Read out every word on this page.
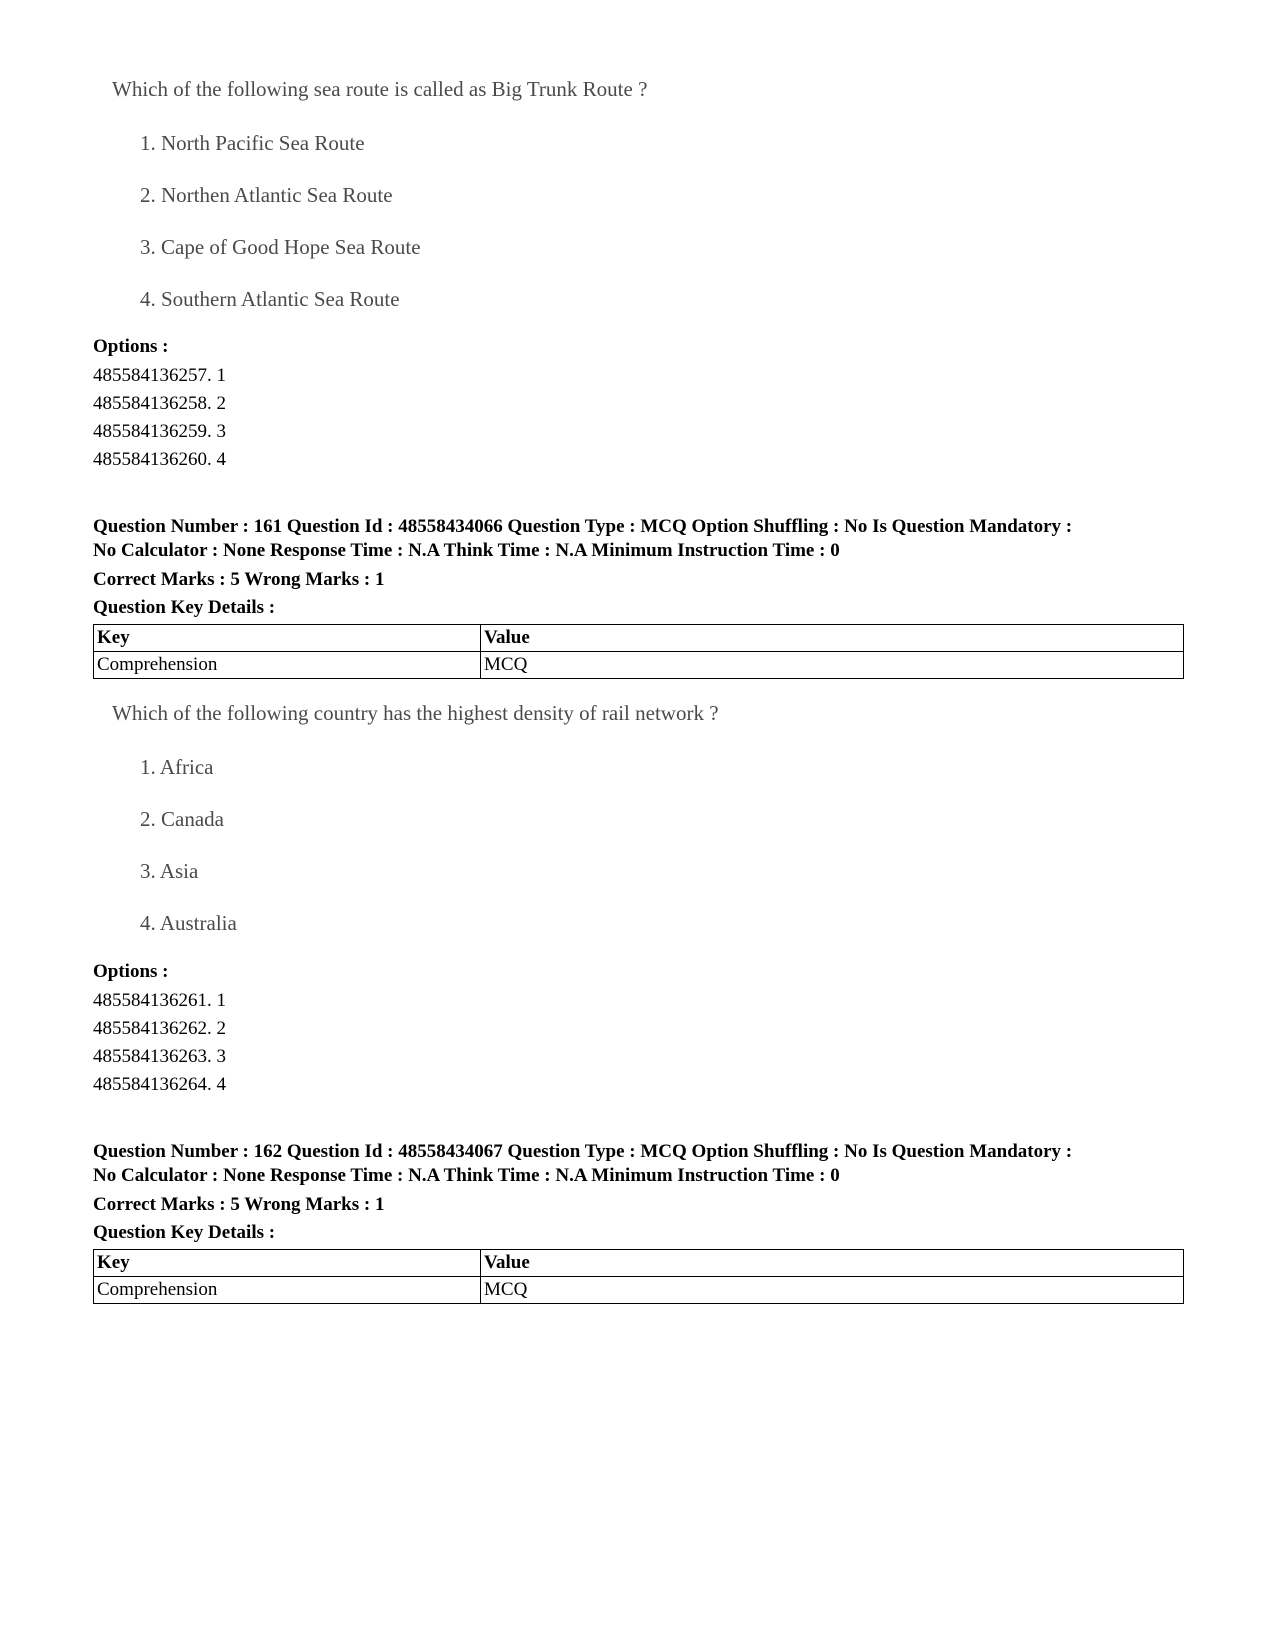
Which of the following sea route is called as Big Trunk Route ?
1. North Pacific Sea Route
2. Northen Atlantic Sea Route
3. Cape of Good Hope Sea Route
4. Southern Atlantic Sea Route
Options :
485584136257. 1
485584136258. 2
485584136259. 3
485584136260. 4
Question Number : 161 Question Id : 48558434066 Question Type : MCQ Option Shuffling : No Is Question Mandatory :
No Calculator : None Response Time : N.A Think Time : N.A Minimum Instruction Time : 0
Correct Marks : 5 Wrong Marks : 1
Question Key Details :
Key	Value
Comprehension	MCQ
Which of the following country has the highest density of rail network ?
1. Africa
2. Canada
3. Asia
4. Australia
Options :
485584136261. 1
485584136262. 2
485584136263. 3
485584136264. 4
Question Number : 162 Question Id : 48558434067 Question Type : MCQ Option Shuffling : No Is Question Mandatory :
No Calculator : None Response Time : N.A Think Time : N.A Minimum Instruction Time : 0
Correct Marks : 5 Wrong Marks : 1
Question Key Details :
Key	Value
Comprehension	MCQ
